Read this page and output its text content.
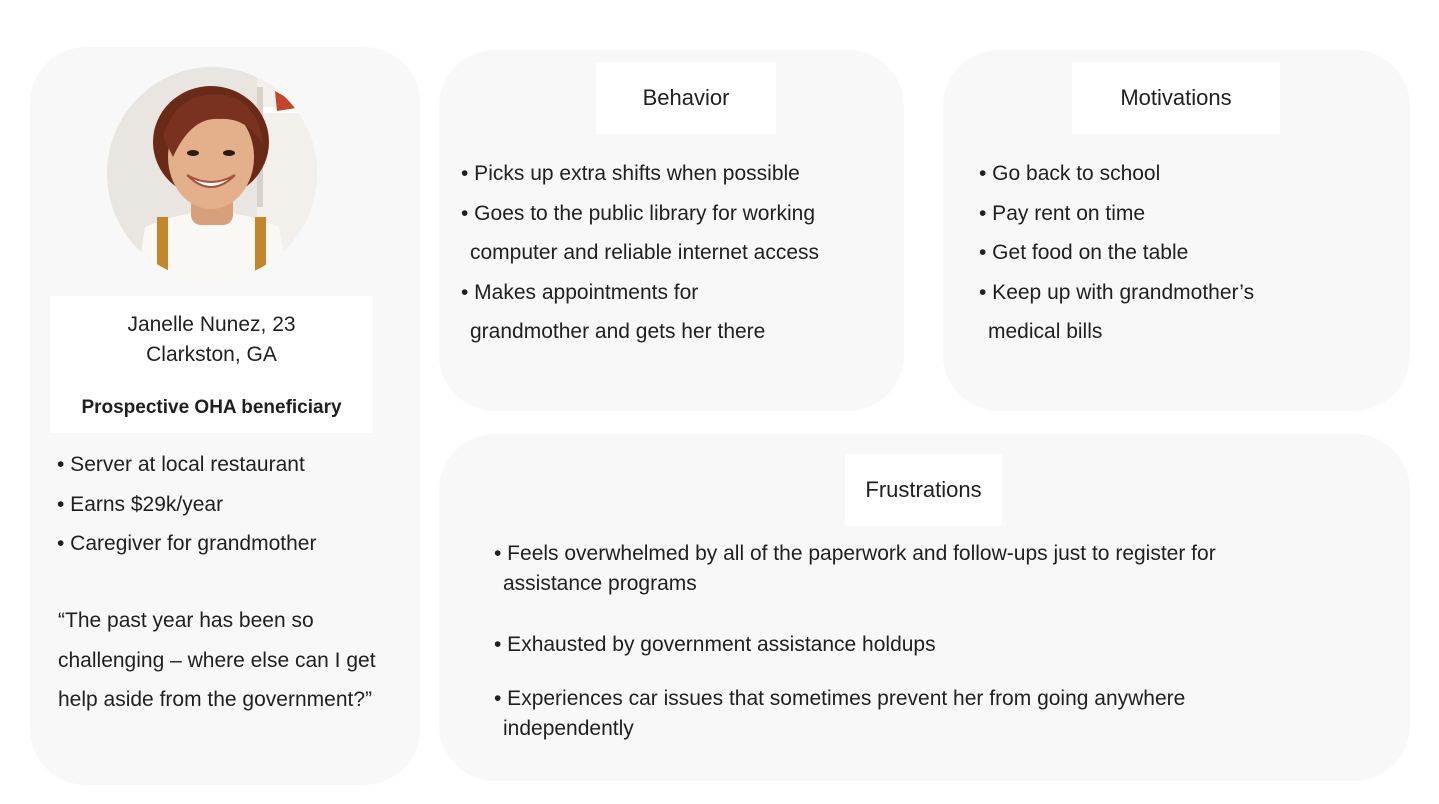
Janelle Nunez, 23
Clarkston, GA
Prospective OHA beneficiary
• Server at local restaurant
• Earns $29k/year
• Caregiver for grandmother

“The past year has been so challenging – where else can I get help aside from the government?”

Behavior
• Picks up extra shifts when possible
• Goes to the public library for working
computer and reliable internet access
• Makes appointments for
grandmother and gets her there
Motivations
• Go back to school
• Pay rent on time
• Get food on the table
• Keep up with grandmother’s
medical bills
Frustrations
• Feels overwhelmed by all of the paperwork and follow-ups just to register for
assistance programs
• Exhausted by government assistance holdups
• Experiences car issues that sometimes prevent her from going anywhere
independently
